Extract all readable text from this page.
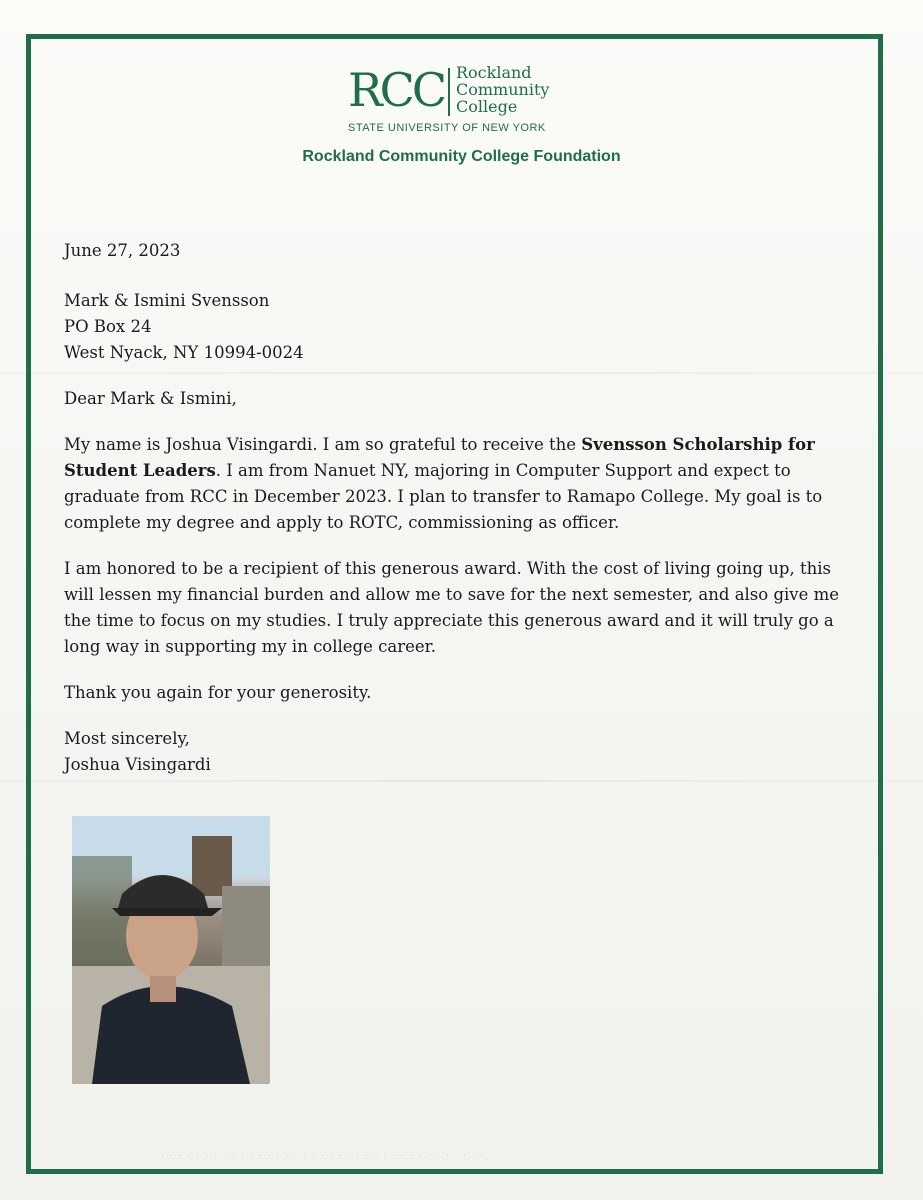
RCC Rockland
Community
College
STATE UNIVERSITY OF NEW YORK
Rockland Community College Foundation

June 27, 2023

Mark & Ismini Svensson
PO Box 24
West Nyack, NY 10994-0024

Dear Mark & Ismini,

My name is Joshua Visingardi. I am so grateful to receive the Svensson Scholarship for Student Leaders. I am from Nanuet NY, majoring in Computer Support and expect to graduate from RCC in December 2023. I plan to transfer to Ramapo College. My goal is to complete my degree and apply to ROTC, commissioning as officer.

I am honored to be a recipient of this generous award. With the cost of living going up, this will lessen my financial burden and allow me to save for the next semester, and also give me the time to focus on my studies. I truly appreciate this generous award and it will truly go a long way in supporting my in college career.

Thank you again for your generosity.

Most sincerely,
Joshua Visingardi
· · · · · · · · · · · · · · · · · · · · · · · · · · · · · · · · · · · · ·
